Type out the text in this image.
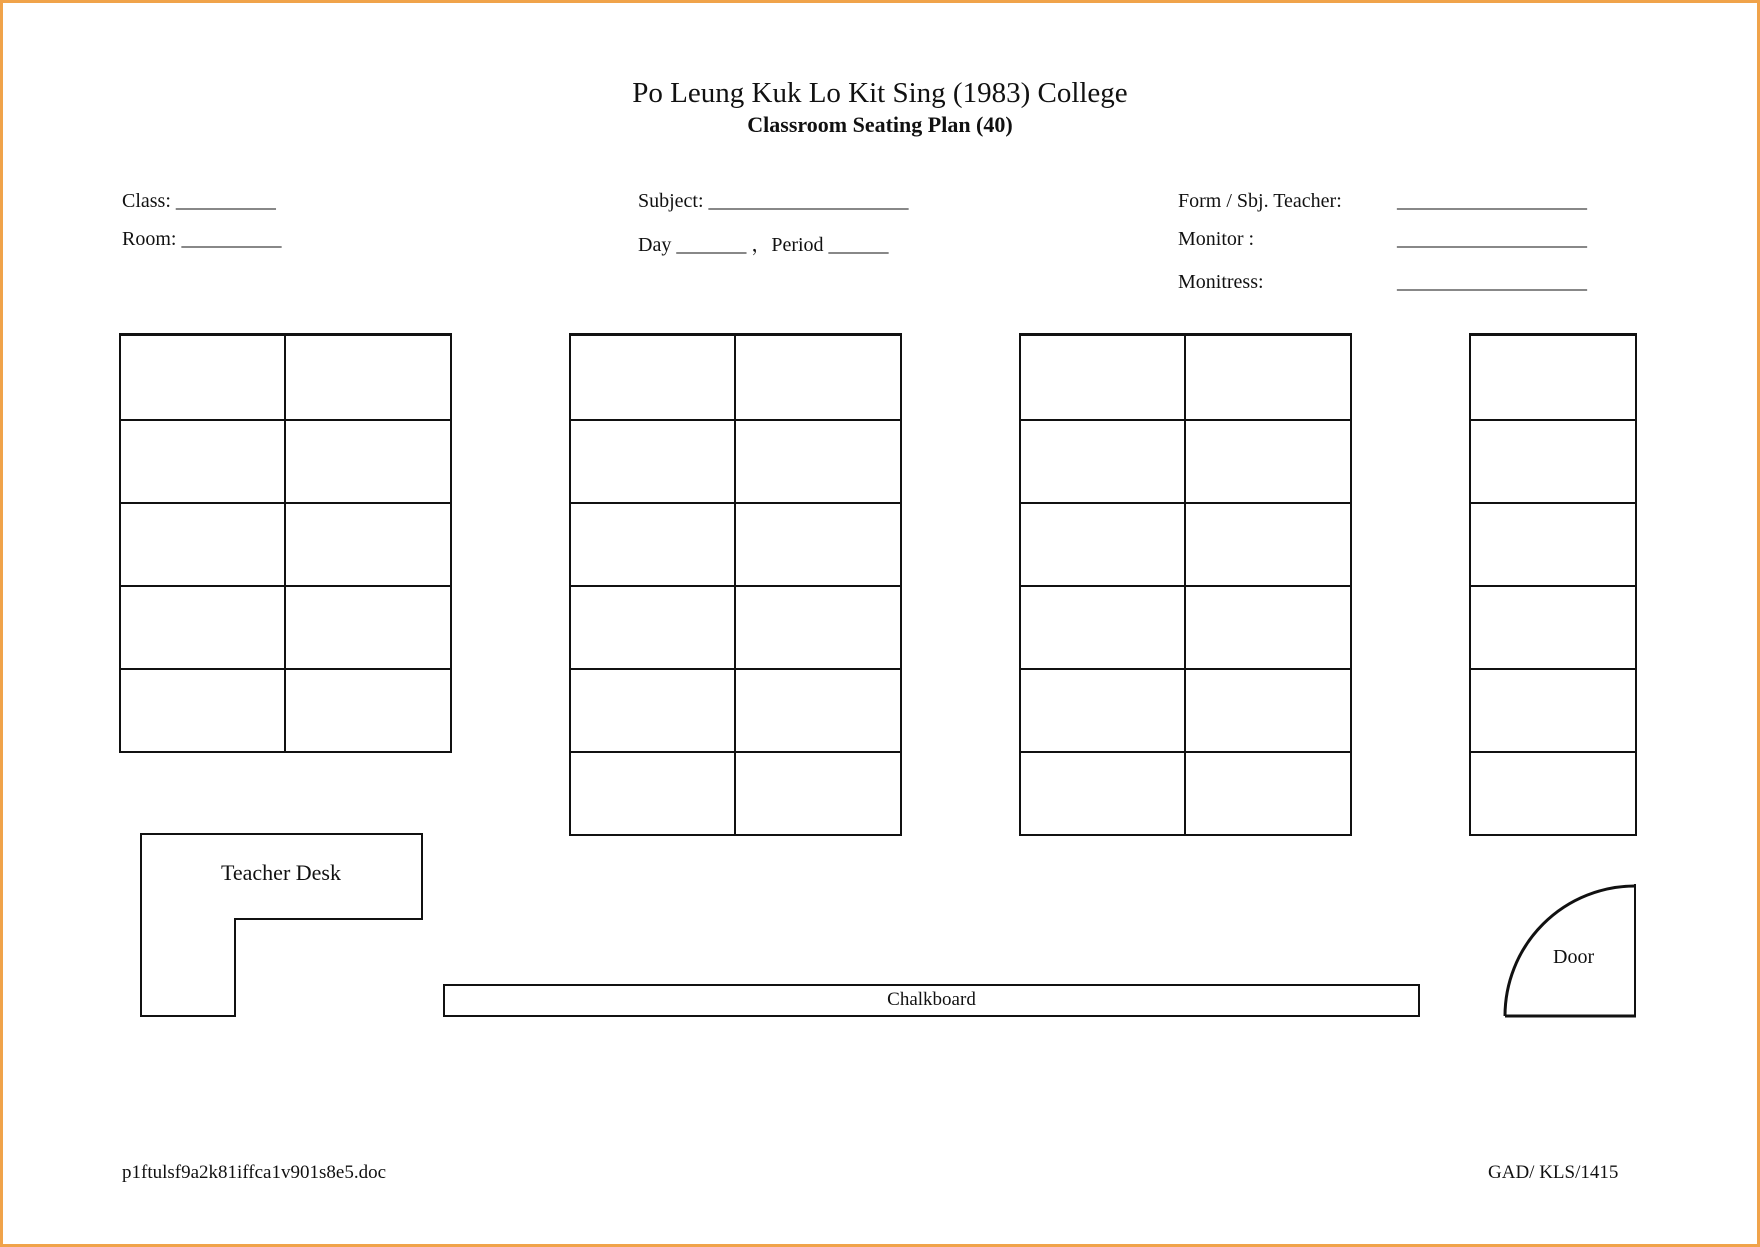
Po Leung Kuk Lo Kit Sing (1983) College
Classroom Seating Plan (40)
Class: __________
Room: __________
Subject: ____________________
Day _______ ，Period ______
Form / Sbj. Teacher:	___________________
Monitor :	___________________
Monitress:	___________________
Teacher Desk
Chalkboard
Door
p1ftulsf9a2k81iffca1v901s8e5.doc	GAD/ KLS/1415
